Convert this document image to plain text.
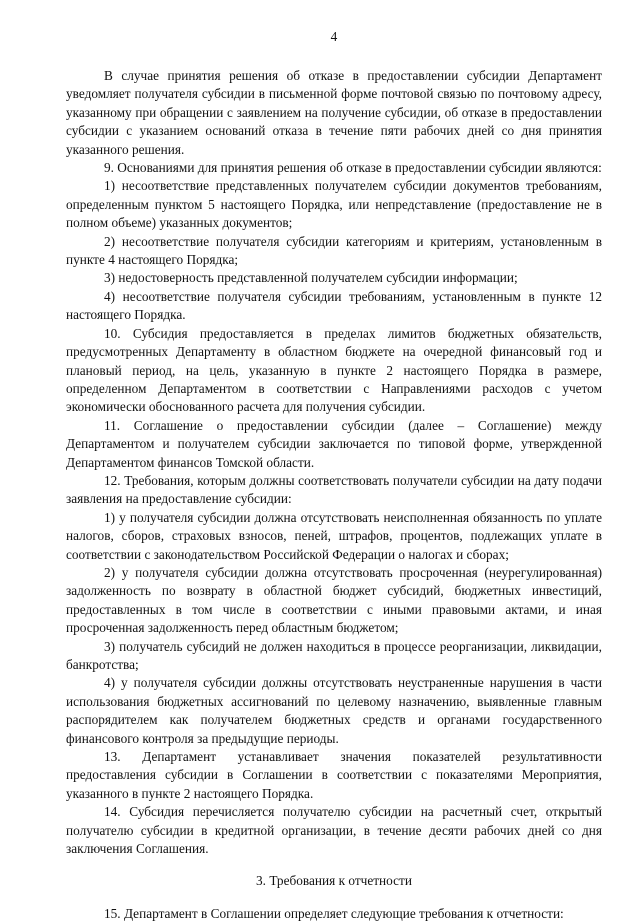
4

В случае принятия решения об отказе в предоставлении субсидии Департамент уведомляет получателя субсидии в письменной форме почтовой связью по почтовому адресу, указанному при обращении с заявлением на получение субсидии, об отказе в предоставлении субсидии с указанием оснований отказа в течение пяти рабочих дней со дня принятия указанного решения.

9. Основаниями для принятия решения об отказе в предоставлении субсидии являются:

1) несоответствие представленных получателем субсидии документов требованиям, определенным пунктом 5 настоящего Порядка, или непредставление (предоставление не в полном объеме) указанных документов;

2) несоответствие получателя субсидии категориям и критериям, установленным в пункте 4 настоящего Порядка;

3) недостоверность представленной получателем субсидии информации;

4) несоответствие получателя субсидии требованиям, установленным в пункте 12 настоящего Порядка.

10. Субсидия предоставляется в пределах лимитов бюджетных обязательств, предусмотренных Департаменту в областном бюджете на очередной финансовый год и плановый период, на цель, указанную в пункте 2 настоящего Порядка в размере, определенном Департаментом в соответствии с Направлениями расходов с учетом экономически обоснованного расчета для получения субсидии.

11. Соглашение о предоставлении субсидии (далее – Соглашение) между Департаментом и получателем субсидии заключается по типовой форме, утвержденной Департаментом финансов Томской области.

12. Требования, которым должны соответствовать получатели субсидии на дату подачи заявления на предоставление субсидии:

1) у получателя субсидии должна отсутствовать неисполненная обязанность по уплате налогов, сборов, страховых взносов, пеней, штрафов, процентов, подлежащих уплате в соответствии с законодательством Российской Федерации о налогах и сборах;

2) у получателя субсидии должна отсутствовать просроченная (неурегулированная) задолженность по возврату в областной бюджет субсидий, бюджетных инвестиций, предоставленных в том числе в соответствии с иными правовыми актами, и иная просроченная задолженность перед областным бюджетом;

3) получатель субсидий не должен находиться в процессе реорганизации, ликвидации, банкротства;

4) у получателя субсидии должны отсутствовать неустраненные нарушения в части использования бюджетных ассигнований по целевому назначению, выявленные главным распорядителем как получателем бюджетных средств и органами государственного финансового контроля за предыдущие периоды.

13. Департамент устанавливает значения показателей результативности предоставления субсидии в Соглашении в соответствии с показателями Мероприятия, указанного в пункте 2 настоящего Порядка.

14. Субсидия перечисляется получателю субсидии на расчетный счет, открытый получателю субсидии в кредитной организации, в течение десяти рабочих дней со дня заключения Соглашения.

3. Требования к отчетности

15. Департамент в Соглашении определяет следующие требования к отчетности:
